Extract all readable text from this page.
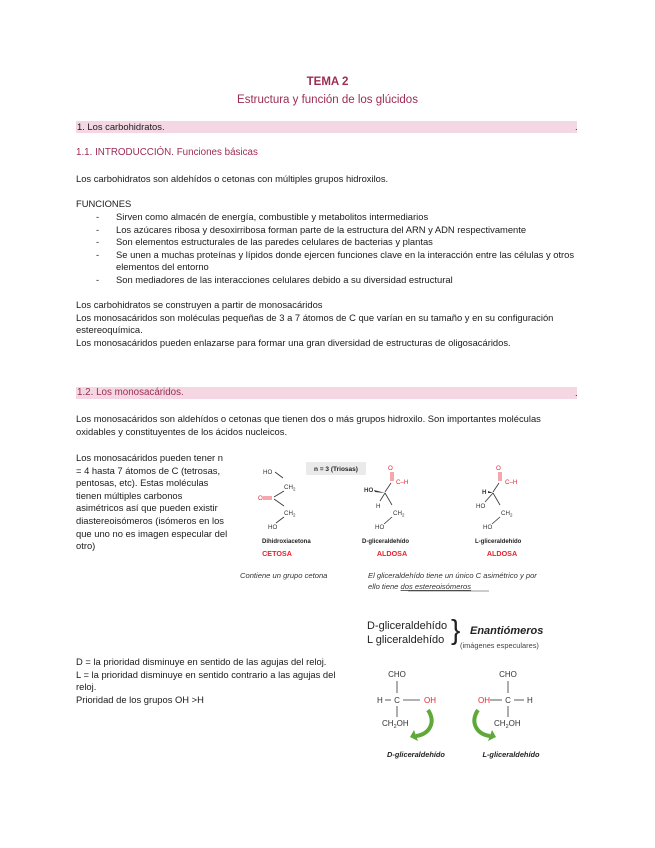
TEMA 2
Estructura y función de los glúcidos
1. Los carbohidratos.	.
1.1. INTRODUCCIÓN. Funciones básicas
Los carbohidratos son aldehídos o cetonas con múltiples grupos hidroxilos.
FUNCIONES
- Sirven como almacén de energía, combustible y metabolitos intermediarios
- Los azúcares ribosa y desoxirribosa forman parte de la estructura del ARN y ADN respectivamente
- Son elementos estructurales de las paredes celulares de bacterias y plantas
- Se unen a muchas proteínas y lípidos donde ejercen funciones clave en la interacción entre las células y otros elementos del entorno
- Son mediadores de las interacciones celulares debido a su diversidad estructural
Los carbohidratos se construyen a partir de monosacáridos
Los monosacáridos son moléculas pequeñas de 3 a 7 átomos de C que varían en su tamaño y en su configuración estereoquímica.
Los monosacáridos pueden enlazarse para formar una gran diversidad de estructuras de oligosacáridos.
1.2. Los monosacáridos.	.
Los monosacáridos son aldehídos o cetonas que tienen dos o más grupos hidroxilo. Son importantes moléculas oxidables y constituyentes de los ácidos nucleicos.
Los monosacáridos pueden tener n = 4 hasta 7 átomos de C (tetrosas, pentosas, etc). Estas moléculas tienen múltiples carbonos asimétricos así que pueden existir diastereoisómeros (isómeros en los que uno no es imagen especular del otro)
n = 3 (Triosas)
HO
$CH_2$
O
$CH_2$
HO
Dihidroxiacetona
O
C–H
HO
H
$CH_2$
HO
D-gliceraldehído
O
C–H
H
HO
$CH_2$
HO
L-gliceraldehído
CETOSA	ALDOSA	ALDOSA
Contiene un grupo cetona	El gliceraldehído tiene un único C asimétrico y por
ello tiene dos estereoisómeros
D-gliceraldehído
L gliceraldehído } Enantiómeros
(imágenes especulares)
D = la prioridad disminuye en sentido de las agujas del reloj.
L = la prioridad disminuye en sentido contrario a las agujas del reloj.
Prioridad de los grupos OH >H
CHO
H C	OH
$CH_2OH$
CHO
OH C H
$CH_2OH$
D-gliceraldehído	L-gliceraldehído
